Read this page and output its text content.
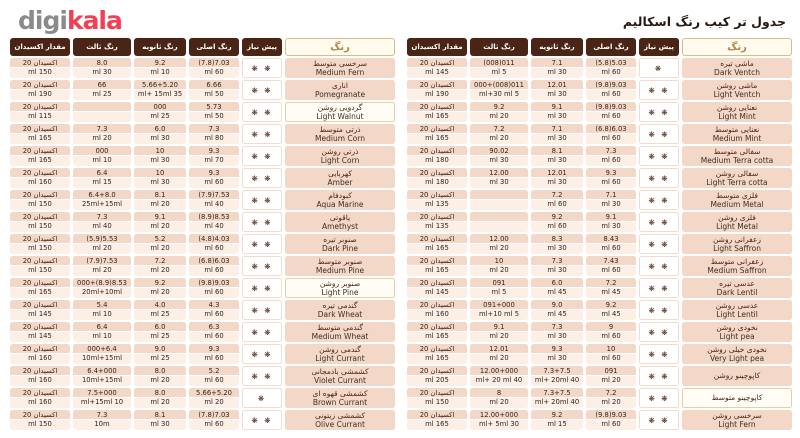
digikala	جدول تر کیب رنگ اسکالیم
رنگ
پیش نیاز
رنگ اصلی
رنگ ثانویه
رنگ ثالث
مقدار اکسیدان
ماشی تیره
Dark Ventch
❋
5.03(5.8)
60 ml
7.1
30 ml
011(008)
5 ml
اکسیدان 20
145 ml
ماشی روشن
Light Ventch
❋ ❋
9.03(9.8)
60 ml
12.01
30 ml
011(008)+000
5 ml+30 ml
اکسیدان 20
190 ml
نعنایی روشن
Light Mint
❋ ❋
9.03(9.8)
60 ml
9.1
30 ml
9.2
20 ml
اکسیدان 20
165 ml
نعنایی متوسط
Medium Mint
❋ ❋
6.03(6.8)
60 ml
7.1
30 ml
7.2
20 ml
اکسیدان 20
165 ml
سفالی متوسط
Medium Terra cotta
❋ ❋
7.3
60 ml
8.1
30 ml
90.02
30 ml
اکسیدان 20
180 ml
سفالی روشن
Light Terra cotta
❋ ❋
9.3
60 ml
12.01
30 ml
12.00
30 ml
اکسیدان 20
180 ml
فلزی متوسط
Medium Metal
❋ ❋
7.1
30 ml
7.2
60 ml
اکسیدان 20
135 ml
فلزی روشن
Light Metal
❋ ❋
9.1
30 ml
9.2
60 ml
اکسیدان 20
135 ml
زعفرانی روشن
Light Saffron
❋ ❋
8.43
60 ml
8.3
30 ml
12.00
20 ml
اکسیدان 20
165 ml
زعفرانی متوسط
Medium Saffron
❋ ❋
7.43
60 ml
7.3
30 ml
10
20 ml
اکسیدان 20
165 ml
عدسی تیره
Dark Lentil
❋ ❋
7.2
45 ml
6.0
45 ml
091
5 ml
اکسیدان 20
145 ml
عدسی روشن
Light Lentil
❋ ❋
9.2
45 ml
9.0
45 ml
091+000
5 ml+10 ml
اکسیدان 20
160 ml
نخودی روشن
Light pea
❋ ❋
9
60 ml
7.3
30 ml
9.1
20 ml
اکسیدان 20
165 ml
نخودی خیلی روشن
Very Light pea
❋ ❋
10
60 ml
9.3
30 ml
12.01
20 ml
اکسیدان 20
165 ml
کاپوچینو روشن
❋ ❋
091
20 ml
7.3+7.5
40 ml+ 20ml
12.00+000
40 ml+ 20 ml
اکسیدان 20
205 ml
کاپوچینو متوسط
❋ ❋
7.2
20 ml
7.3+7.5
40 ml+ 20ml
8
20 ml
اکسیدان 20
150 ml
سرخسی روشن
Light Fern
❋ ❋
9.03(9.8)
60 ml
9.2
15 ml
12.00+000
30 ml+ 5ml
اکسیدان 20
165 ml
رنگ
پیش نیاز
رنگ اصلی
رنگ ثانویه
رنگ ثالث
مقدار اکسیدان
سرخسی متوسط
Medium Fern
❋ ❋
7.03(7.8)
60 ml
9.2
10 ml
8.0
30 ml
اکسیدان 20
150 ml
اناری
Pomegranate
❋ ❋
6.66
50 ml
5.66+5.20
35 ml+ 15ml
66
25 ml
اکسیدان 20
190 ml
گردویی روشن
Light Walnut
❋ ❋
5.73
50 ml
000
25 ml
اکسیدان 20
115 ml
ذرتی متوسط
Medium Corn
❋ ❋
7.3
80 ml
6.0
30 ml
7.3
20 ml
اکسیدان 20
165 ml
ذرتی روشن
Light Corn
❋ ❋
9.3
70 ml
10
30 ml
000
10 ml
اکسیدان 20
165 ml
کهربایی
Amber
❋ ❋
9.3
60 ml
10
30 ml
6.4
15 ml
اکسیدان 20
160 ml
کبودفام
Aqua Marine
❋ ❋
7.53(7.9)
40 ml
8.1
20 ml
6.4+8.0
25ml+15ml
اکسیدان 20
150 ml
یاقوتی
Amethyst
❋ ❋
8.53(8.9)
40 ml
9.1
20 ml
7.3
40 ml
اکسیدان 20
150 ml
صنوبر تیره
Dark Pine
❋ ❋
4.03(4.8)
60 ml
5.2
20 ml
5.53(5.9)
20 ml
اکسیدان 20
150 ml
صنوبر متوسط
Medium Pine
❋ ❋
6.03(6.8)
60 ml
7.2
20 ml
7.53(7.9)
20 ml
اکسیدان 20
150 ml
صنوبر روشن
Light Pine
❋ ❋
9.03(9.8)
60 ml
9.2
20 ml
8.53(8.9)+000
20ml+10ml
اکسیدان 20
165 ml
گندمی تیره
Dark Wheat
❋ ❋
4.3
60 ml
4.0
25 ml
5.4
10 ml
اکسیدان 20
145 ml
گندمی متوسط
Medium Wheat
❋ ❋
6.3
60 ml
6.0
25 ml
6.4
10 ml
اکسیدان 20
145 ml
گندمی روشن
Light Currant
❋ ❋
9.3
60 ml
9.0
25 ml
000+6.4
10ml+15ml
اکسیدان 20
160 ml
کشمشی بادمجانی
Violet Currant
❋ ❋
5.2
60 ml
8.0
20 ml
6.4+000
10ml+15ml
اکسیدان 20
160 ml
کشمشی قهوه ای
Brown Currant
❋
5.66+5.20
20 ml
8.0
20 ml
7.5+000
10 ml+15ml
اکسیدان 20
160 ml
کشمشی زیتونی
Olive Currant
❋ ❋
7.03(7.8)
60 ml
8.1
30 ml
7.3
10m
اکسیدان 20
150 ml
